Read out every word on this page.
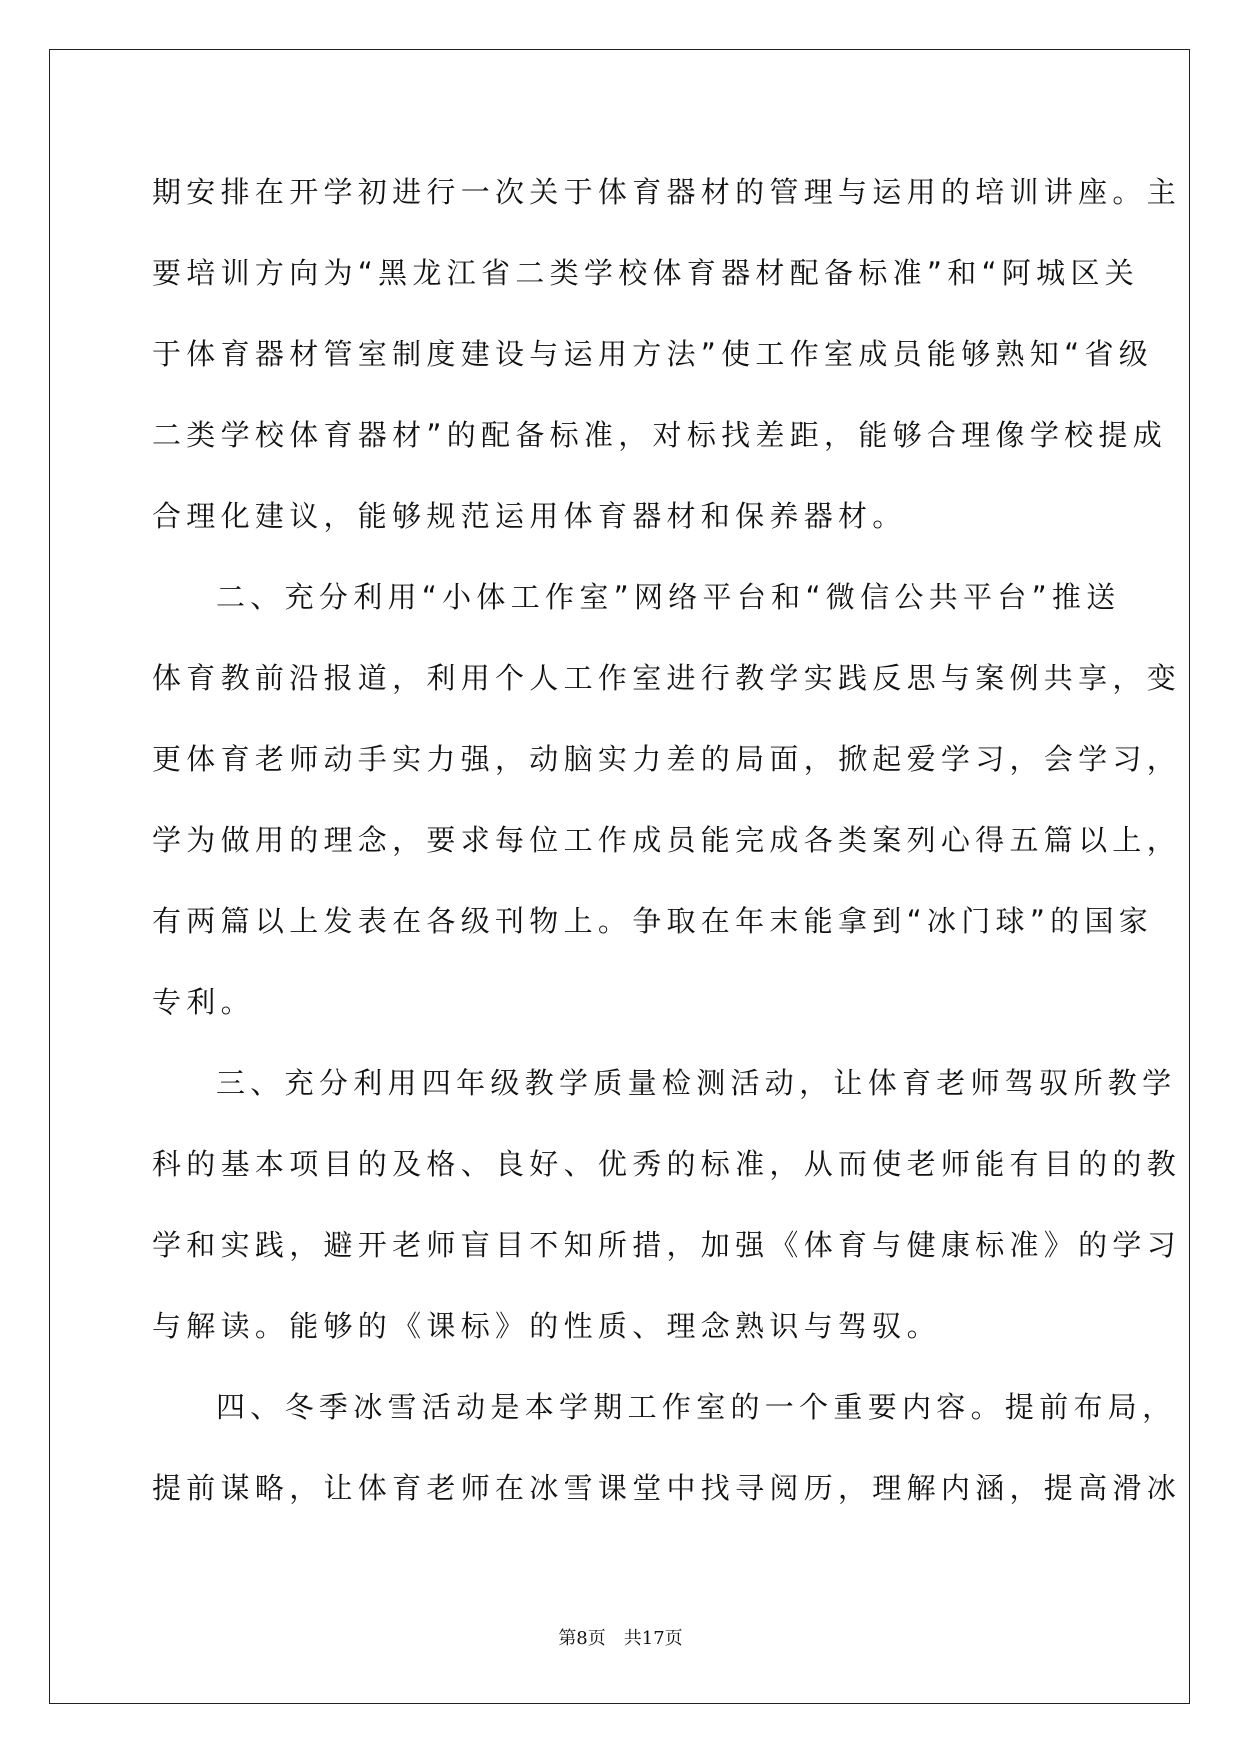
期安排在开学初进行一次关于体育器材的管理与运用的培训讲座。主
要培训方向为“黑龙江省二类学校体育器材配备标准”和“阿城区关
于体育器材管室制度建设与运用方法”使工作室成员能够熟知“省级
二类学校体育器材”的配备标准，对标找差距，能够合理像学校提成
合理化建议，能够规范运用体育器材和保养器材。
二、充分利用“小体工作室”网络平台和“微信公共平台”推送
体育教前沿报道，利用个人工作室进行教学实践反思与案例共享，变
更体育老师动手实力强，动脑实力差的局面，掀起爱学习，会学习，
学为做用的理念，要求每位工作成员能完成各类案列心得五篇以上，
有两篇以上发表在各级刊物上。争取在年末能拿到“冰门球”的国家
专利。
三、充分利用四年级教学质量检测活动，让体育老师驾驭所教学
科的基本项目的及格、良好、优秀的标准，从而使老师能有目的的教
学和实践，避开老师盲目不知所措，加强《体育与健康标准》的学习
与解读。能够的《课标》的性质、理念熟识与驾驭。
四、冬季冰雪活动是本学期工作室的一个重要内容。提前布局，
提前谋略，让体育老师在冰雪课堂中找寻阅历，理解内涵，提高滑冰
第8页 共17页
